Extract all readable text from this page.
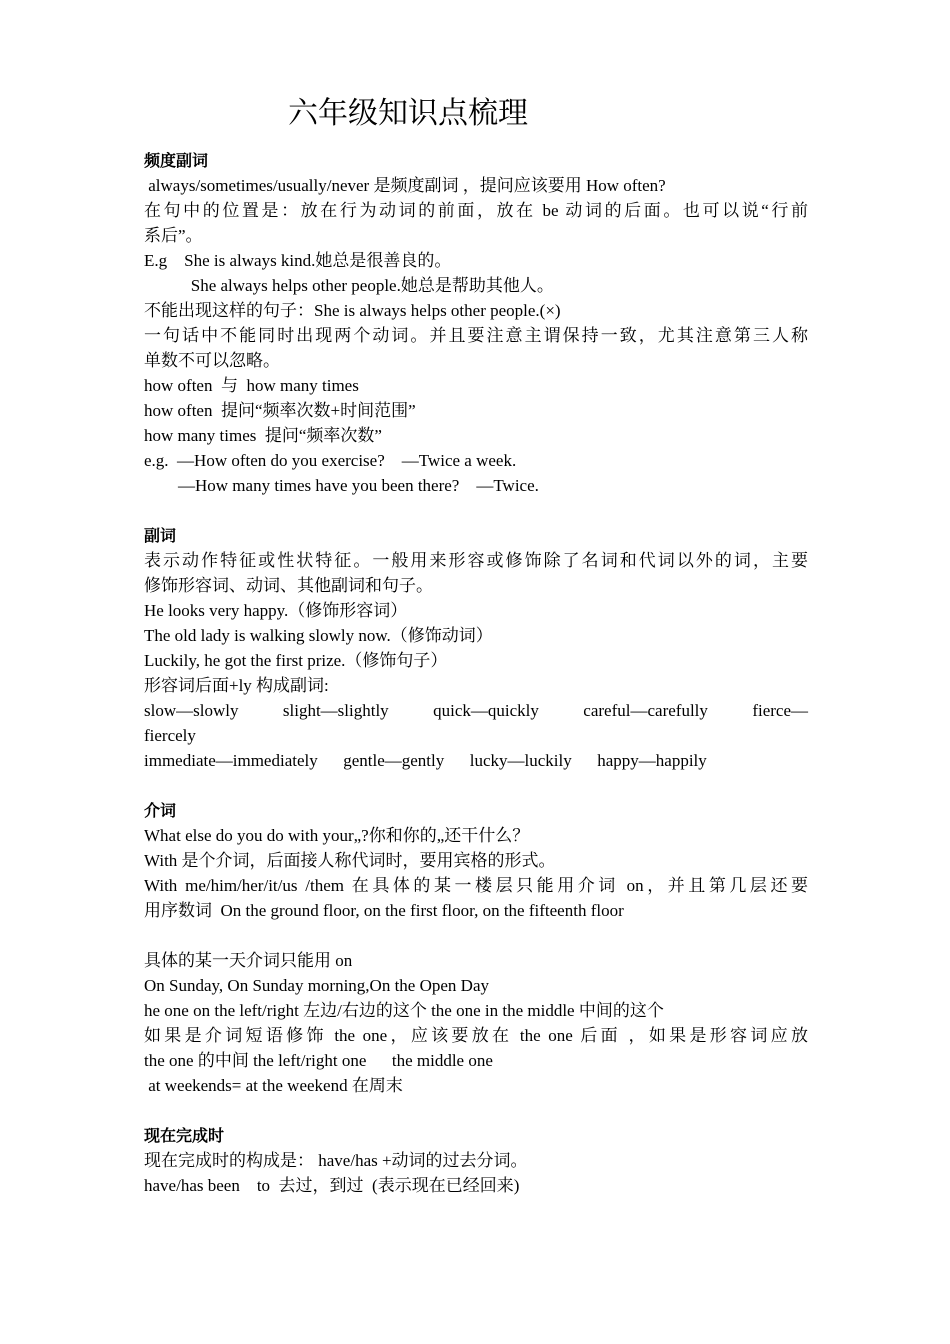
六年级知识点梳理
频度副词
always/sometimes/usually/never 是频度副词 ，提问应该要用 How often?
在句中的位置是：放在行为动词的前面，放在 be 动词的后面。也可以说“行前
系后”。
E.g    She is always kind.她总是很善良的。
She always helps other people.她总是帮助其他人。
不能出现这样的句子：She is always helps other people.(×)
一句话中不能同时出现两个动词。并且要注意主谓保持一致，尤其注意第三人称
单数不可以忽略。
how often  与  how many times
how often  提问“频率次数+时间范围”
how many times  提问“频率次数”
e.g.  —How often do you exercise?    —Twice a week.
—How many times have you been there?    —Twice.
副词
表示动作特征或性状特征。一般用来形容或修饰除了名词和代词以外的词，主要
修饰形容词、动词、其他副词和句子。
He looks very happy.（修饰形容词）
The old lady is walking slowly now.（修饰动词）
Luckily, he got the first prize.（修饰句子）
形容词后面+ly 构成副词:
slow—slowly slight—slightly quick—quickly careful—carefully fierce—
fiercely
immediate—immediately      gentle—gently      lucky—luckily      happy—happily
介词
What else do you do with your„?你和你的„还干什么？
With 是个介词，后面接人称代词时，要用宾格的形式。
With me/him/her/it/us /them 在具体的某一楼层只能用介词 on，并且第几层还要
用序数词  On the ground floor, on the first floor, on the fifteenth floor
具体的某一天介词只能用 on
On Sunday, On Sunday morning,On the Open Day
he one on the left/right 左边/右边的这个 the one in the middle 中间的这个
如果是介词短语修饰 the one，应该要放在 the one 后面 ，如果是形容词应放
the one 的中间 the left/right one      the middle one
at weekends= at the weekend 在周末
现在完成时
现在完成时的构成是： have/has +动词的过去分词。
have/has been    to  去过，到过  (表示现在已经回来)
